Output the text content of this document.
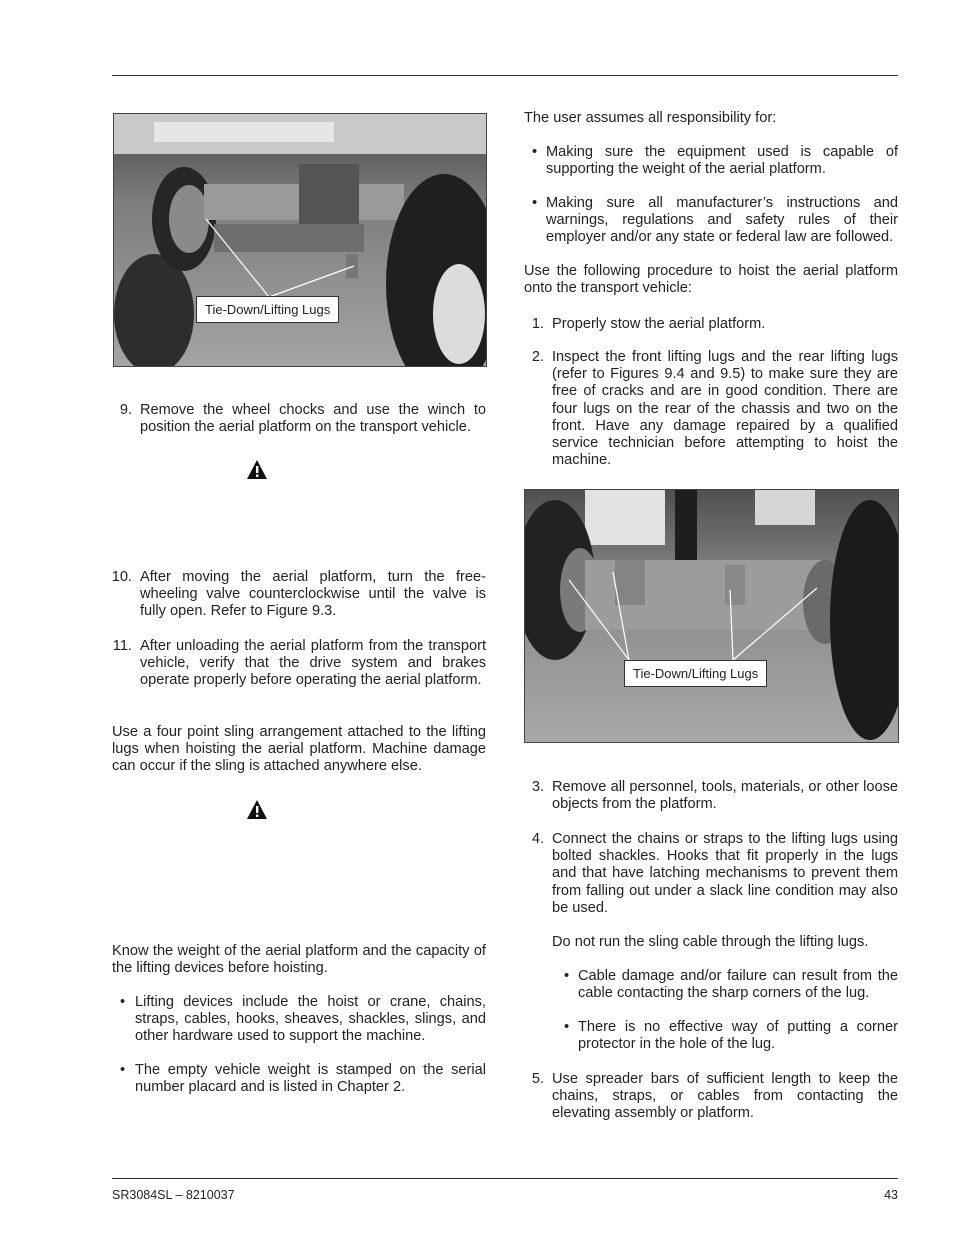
Tie-Down/Lifting Lugs
9. Remove the wheel chocks and use the winch to position the aerial platform on the transport vehicle.

10. After moving the aerial platform, turn the free-wheeling valve counterclockwise until the valve is fully open. Refer to Figure 9.3.

11. After unloading the aerial platform from the transport vehicle, verify that the drive system and brakes operate properly before operating the aerial platform.

Use a four point sling arrangement attached to the lifting lugs when hoisting the aerial platform. Machine damage can occur if the sling is attached anywhere else.

Know the weight of the aerial platform and the capacity of the lifting devices before hoisting.

• Lifting devices include the hoist or crane, chains, straps, cables, hooks, sheaves, shackles, slings, and other hardware used to support the machine.

• The empty vehicle weight is stamped on the serial number placard and is listed in Chapter 2.

The user assumes all responsibility for:

• Making sure the equipment used is capable of supporting the weight of the aerial platform.

• Making sure all manufacturer’s instructions and warnings, regulations and safety rules of their employer and/or any state or federal law are followed.

Use the following procedure to hoist the aerial platform onto the transport vehicle:

1. Properly stow the aerial platform.

2. Inspect the front lifting lugs and the rear lifting lugs (refer to Figures 9.4 and 9.5) to make sure they are free of cracks and are in good condition. There are four lugs on the rear of the chassis and two on the front. Have any damage repaired by a qualified service technician before attempting to hoist the machine.

Tie-Down/Lifting Lugs
3. Remove all personnel, tools, materials, or other loose objects from the platform.

4. Connect the chains or straps to the lifting lugs using bolted shackles. Hooks that fit properly in the lugs and that have latching mechanisms to prevent them from falling out under a slack line condition may also be used.

Do not run the sling cable through the lifting lugs.

• Cable damage and/or failure can result from the cable contacting the sharp corners of the lug.

• There is no effective way of putting a corner protector in the hole of the lug.

5. Use spreader bars of sufficient length to keep the chains, straps, or cables from contacting the elevating assembly or platform.

SR3084SL – 8210037	43
